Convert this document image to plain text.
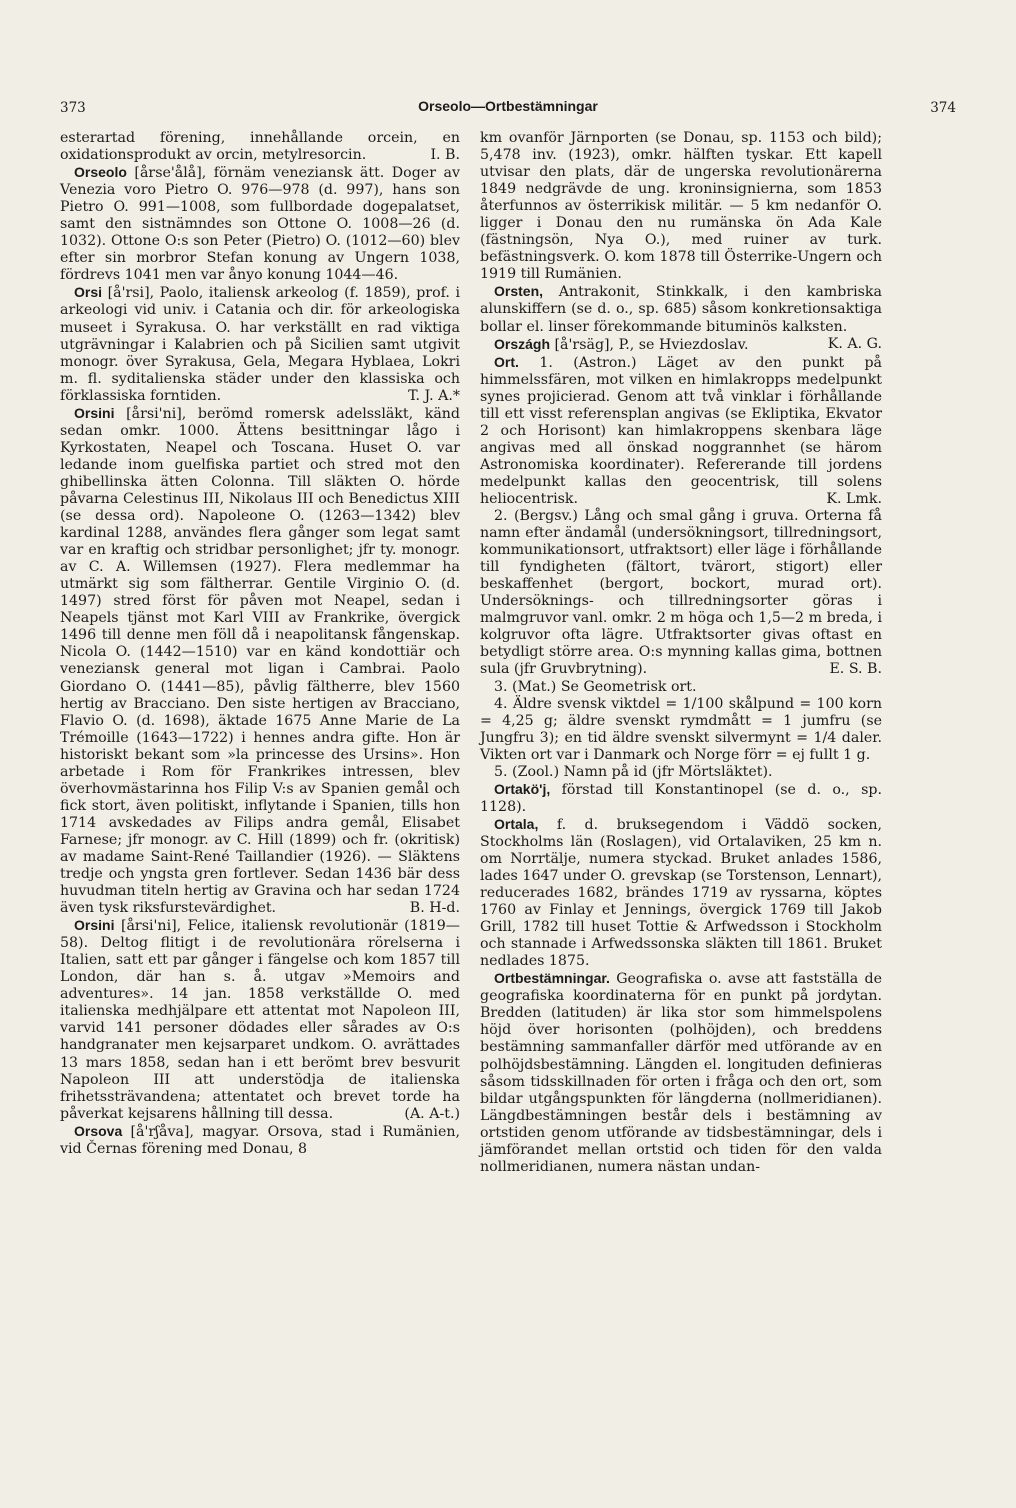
373	Orseolo—Ortbestämningar	374

esterartad förening, innehållande orcein, en oxidationsprodukt av orcin, metylresorcin.	I. B.

Orseolo [årse'ålå], förnäm veneziansk ätt. Doger av Venezia voro Pietro O. 976—978 (d. 997), hans son Pietro O. 991—1008, som fullbordade dogepalatset, samt den sistnämndes son Ottone O. 1008—26 (d. 1032). Ottone O:s son Peter (Pietro) O. (1012—60) blev efter sin morbror Stefan konung av Ungern 1038, fördrevs 1041 men var ånyo konung 1044—46.

Orsi [å'rsi], Paolo, italiensk arkeolog (f. 1859), prof. i arkeologi vid univ. i Catania och dir. för arkeologiska museet i Syrakusa. O. har verkställt en rad viktiga utgrävningar i Kalabrien och på Sicilien samt utgivit monogr. över Syrakusa, Gela, Megara Hyblaea, Lokri m. fl. syditalienska städer under den klassiska och förklassiska forntiden.	T. J. A.*

Orsini [årsi'ni], berömd romersk adelssläkt, känd sedan omkr. 1000. Ättens besittningar lågo i Kyrkostaten, Neapel och Toscana. Huset O. var ledande inom guelfiska partiet och stred mot den ghibellinska ätten Colonna. Till släkten O. hörde påvarna Celestinus III, Nikolaus III och Benedictus XIII (se dessa ord). Napoleone O. (1263—1342) blev kardinal 1288, användes flera gånger som legat samt var en kraftig och stridbar personlighet; jfr ty. monogr. av C. A. Willemsen (1927). Flera medlemmar ha utmärkt sig som fältherrar. Gentile Virginio O. (d. 1497) stred först för påven mot Neapel, sedan i Neapels tjänst mot Karl VIII av Frankrike, övergick 1496 till denne men föll då i neapolitansk fångenskap. Nicola O. (1442—1510) var en känd kondottiär och veneziansk general mot ligan i Cambrai. Paolo Giordano O. (1441—85), påvlig fältherre, blev 1560 hertig av Bracciano. Den siste hertigen av Bracciano, Flavio O. (d. 1698), äktade 1675 Anne Marie de La Trémoille (1643—1722) i hennes andra gifte. Hon är historiskt bekant som »la princesse des Ursins». Hon arbetade i Rom för Frankrikes intressen, blev överhovmästarinna hos Filip V:s av Spanien gemål och fick stort, även politiskt, inflytande i Spanien, tills hon 1714 avskedades av Filips andra gemål, Elisabet Farnese; jfr monogr. av C. Hill (1899) och fr. (okritisk) av madame Saint-René Taillandier (1926). — Släktens tredje och yngsta gren fortlever. Sedan 1436 bär dess huvudman titeln hertig av Gravina och har sedan 1724 även tysk riksfurstevärdighet.	B. H-d.

Orsini [årsi'ni], Felice, italiensk revolutionär (1819—58). Deltog flitigt i de revolutionära rörelserna i Italien, satt ett par gånger i fängelse och kom 1857 till London, där han s. å. utgav »Memoirs and adventures». 14 jan. 1858 verkställde O. med italienska medhjälpare ett attentat mot Napoleon III, varvid 141 personer dödades eller sårades av O:s handgranater men kejsarparet undkom. O. avrättades 13 mars 1858, sedan han i ett berömt brev besvurit Napoleon III att understödja de italienska frihetssträvandena; attentatet och brevet torde ha påverkat kejsarens hållning till dessa.	(A. A-t.)

Orsova [å'rʃåva], magyar. Orsova, stad i Rumänien, vid Černas förening med Donau, 8

km ovanför Järnporten (se Donau, sp. 1153 och bild); 5,478 inv. (1923), omkr. hälften tyskar. Ett kapell utvisar den plats, där de ungerska revolutionärerna 1849 nedgrävde de ung. kroninsignierna, som 1853 återfunnos av österrikisk militär. — 5 km nedanför O. ligger i Donau den nu rumänska ön Ada Kale (fästningsön, Nya O.), med ruiner av turk. befästningsverk. O. kom 1878 till Österrike-Ungern och 1919 till Rumänien.

Orsten, Antrakonit, Stinkkalk, i den kambriska alunskiffern (se d. o., sp. 685) såsom konkretionsaktiga bollar el. linser förekommande bituminös kalksten.
K. A. G.

Országh [å'rsäg], P., se Hviezdoslav.

Ort. 1. (Astron.) Läget av den punkt på himmelssfären, mot vilken en himlakropps medelpunkt synes projicierad. Genom att två vinklar i förhållande till ett visst referensplan angivas (se Ekliptika, Ekvator 2 och Horisont) kan himlakroppens skenbara läge angivas med all önskad noggrannhet (se härom Astronomiska koordinater). Refererande till jordens medelpunkt kallas den geocentrisk, till solens heliocentrisk.	K. Lmk.

2. (Bergsv.) Lång och smal gång i gruva. Orterna få namn efter ändamål (undersökningsort, tillredningsort, kommunikationsort, utfraktsort) eller läge i förhållande till fyndigheten (fältort, tvärort, stigort) eller beskaffenhet (bergort, bockort, murad ort). Undersöknings- och tillredningsorter göras i malmgruvor vanl. omkr. 2 m höga och 1,5—2 m breda, i kolgruvor ofta lägre. Utfraktsorter givas oftast en betydligt större area. O:s mynning kallas gima, bottnen sula (jfr Gruvbrytning).	E. S. B.

3. (Mat.) Se Geometrisk ort.

4. Äldre svensk viktdel = 1/100 skålpund = 100 korn = 4,25 g; äldre svenskt rymdmått = 1 jumfru (se Jungfru 3); en tid äldre svenskt silvermynt = 1/4 daler. Vikten ort var i Danmark och Norge förr = ej fullt 1 g.

5. (Zool.) Namn på id (jfr Mörtsläktet).

Ortakö'j, förstad till Konstantinopel (se d. o., sp. 1128).

Ortala, f. d. bruksegendom i Väddö socken, Stockholms län (Roslagen), vid Ortalaviken, 25 km n. om Norrtälje, numera styckad. Bruket anlades 1586, lades 1647 under O. grevskap (se Torstenson, Lennart), reducerades 1682, brändes 1719 av ryssarna, köptes 1760 av Finlay et Jennings, övergick 1769 till Jakob Grill, 1782 till huset Tottie & Arfwedsson i Stockholm och stannade i Arfwedssonska släkten till 1861. Bruket nedlades 1875.

Ortbestämningar. Geografiska o. avse att fastställa de geografiska koordinaterna för en punkt på jordytan. Bredden (latituden) är lika stor som himmelspolens höjd över horisonten (polhöjden), och breddens bestämning sammanfaller därför med utförande av en polhöjdsbestämning. Längden el. longituden definieras såsom tidsskillnaden för orten i fråga och den ort, som bildar utgångspunkten för längderna (nollmeridianen). Längdbestämningen består dels i bestämning av ortstiden genom utförande av tidsbestämningar, dels i jämförandet mellan ortstid och tiden för den valda nollmeridianen, numera nästan undan-
